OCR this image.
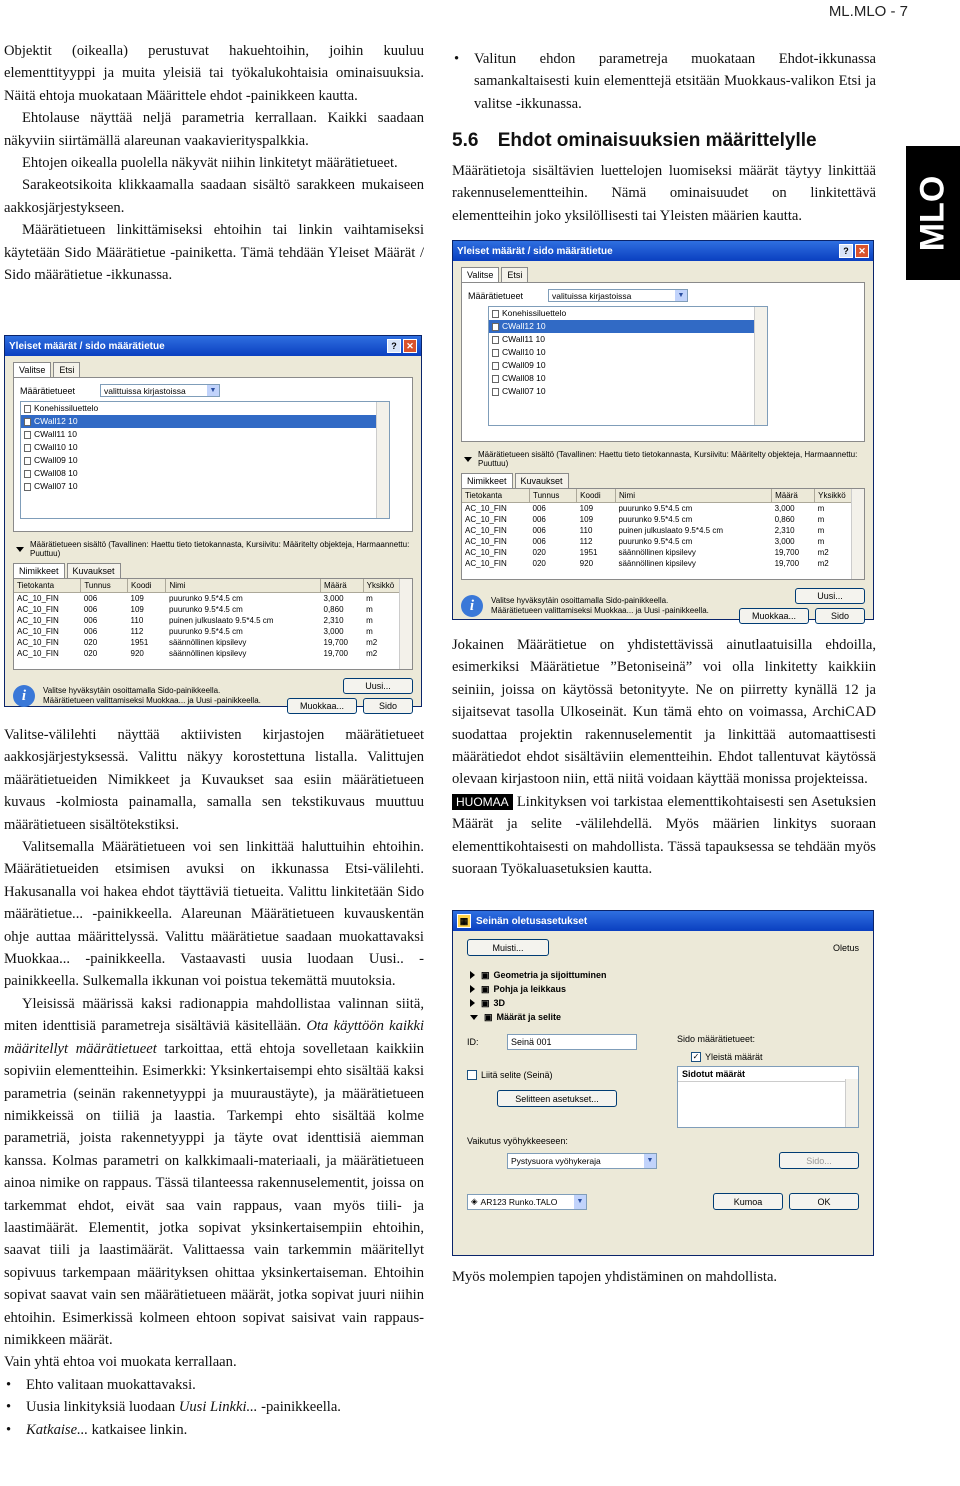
ML.MLO - 7
MLO

Objektit (oikealla) perustuvat hakuehtoihin, joihin kuuluu elementtityyppi ja muita yleisiä tai työkalukohtaisia ominaisuuksia. Näitä ehtoja muokataan Määrittele ehdot -painikkeen kautta.

Ehtolause näyttää neljä parametria kerrallaan. Kaikki saadaan näkyviin siirtämällä alareunan vaakavierityspalkkia.

Ehtojen oikealla puolella näkyvät niihin linkitetyt määrätietueet.

Sarakeotsikoita klikkaamalla saadaan sisältö sarakkeen mukaiseen aakkosjärjestykseen.

Määrätietueen linkittämiseksi ehtoihin tai linkin vaihtamiseksi käytetään Sido Määrätietue -painiketta. Tämä tehdään Yleiset Määrät / Sido määrätietue -ikkunassa.

Yleiset määrät / sido määrätietue	?	✕
Valitse	Etsi
Määrätietueet	valittuissa kirjastoissa	▼
Konehissiluettelo
CWall12 10
CWall11 10
CWall10 10
CWall09 10
CWall08 10
CWall07 10
Määrätietueen sisältö (Tavallinen: Haettu tieto tietokannasta, Kursiivitu: Määritelty objekteja, Harmaannettu: Puuttuu)
Nimikkeet	Kuvaukset
Tietokanta	Tunnus	Koodi	Nimi	Määrä	Yksikkö
AC_10_FIN	006	109	puurunko 9.5*4.5 cm	3,000	m
AC_10_FIN	006	109	puurunko 9.5*4.5 cm	0,860	m
AC_10_FIN	006	110	puinen julkuslaato 9.5*4.5 cm	2,310	m
AC_10_FIN	006	112	puurunko 9.5*4.5 cm	3,000	m
AC_10_FIN	020	1951	säännöllinen kipsilevy	19,700	m2
AC_10_FIN	020	920	säännöllinen kipsilevy	19,700	m2
i	Valitse hyväksytäin osoittamalla Sido-painikkeella. Määrätietueen valittamiseksi Muokkaa... ja Uusi -painikkeella.
Uusi...
Muokkaa...	Sido

Valitse-välilehti näyttää aktiivisten kirjastojen määrätietueet aakkosjärjestyksessä. Valittu näkyy korostettuna listalla. Valittujen määrätietueiden Nimikkeet ja Kuvaukset saa esiin määrätietueen kuvaus -kolmiosta painamalla, samalla sen tekstikuvaus muuttuu määrätietueen sisältötekstiksi.

Valitsemalla Määrätietueen voi sen linkittää haluttuihin ehtoihin. Määrätietueiden etsimisen avuksi on ikkunassa Etsi-välilehti. Hakusanalla voi hakea ehdot täyttäviä tietueita. Valittu linkitetään Sido määrätietue... -painikkeella. Alareunan Määrätietueen kuvauskentän ohje auttaa määrittelyssä. Valittu määrätietue saadaan muokattavaksi Muokkaa... -painikkeella. Vastaavasti uusia luodaan Uusi.. -painikkeella. Sulkemalla ikkunan voi poistua tekemättä muutoksia.

Yleisissä määrissä kaksi radionappia mahdollistaa valinnan siitä, miten identtisiä parametreja sisältäviä käsitellään. Ota käyttöön kaikki määritellyt määrätietueet tarkoittaa, että ehtoja sovelletaan kaikkiin sopiviin elementteihin. Esimerkki: Yksinkertaisempi ehto sisältää kaksi parametria (seinän rakennetyyppi ja muuraustäyte), ja määrätietueen nimikkeissä on tiiliä ja laastia. Tarkempi ehto sisältää kolme parametriä, joista rakennetyyppi ja täyte ovat identtisiä aiemman kanssa. Kolmas parametri on kalkkimaali-materiaali, ja määrätietueen ainoa nimike on rappaus. Tässä tilanteessa rakennuselementit, joissa on tarkemmat ehdot, eivät saa vain rappaus, vaan myös tiili- ja laastimäärät. Elementit, jotka sopivat yksinkertaisempiin ehtoihin, saavat tiili ja laastimäärät. Valittaessa vain tarkemmin määritellyt sopivuus tarkempaan määrityksen ohittaa yksinkertaiseman. Ehtoihin sopivat saavat vain sen määrätietueen määrät, jotka sopivat juuri niihin ehtoihin. Esimerkissä kolmeen ehtoon sopivat saisivat vain rappaus-nimikkeen määrät.

Vain yhtä ehtoa voi muokata kerrallaan.

• Ehto valitaan muokattavaksi.
• Uusia linkityksiä luodaan Uusi Linkki... -painikkeella.
• Katkaise... katkaisee linkin.
• Valitun ehdon parametreja muokataan Ehdot-ikkunassa samankaltaisesti kuin elementtejä etsitään Muokkaus-valikon Etsi ja valitse -ikkunassa.
5.6 Ehdot ominaisuuksien määrittelylle
Määrätietoja sisältävien luettelojen luomiseksi määrät täytyy linkittää rakennuselementteihin. Nämä ominaisuudet on linkitettävä elementteihin joko yksilöllisesti tai Yleisten määrien kautta.
Yleiset määrät / sido määrätietue	?	✕
Valitse	Etsi
Määrätietueet	valituissa kirjastoissa	▼
Konehissiluettelo
CWall12 10
CWall11 10
CWall10 10
CWall09 10
CWall08 10
CWall07 10
Määrätietueen sisältö (Tavallinen: Haettu tieto tietokannasta, Kursiivitu: Määritelty objekteja, Harmaannettu: Puuttuu)
Nimikkeet	Kuvaukset
Tietokanta	Tunnus	Koodi	Nimi	Määrä	Yksikkö
AC_10_FIN	006	109	puurunko 9.5*4.5 cm	3,000	m
AC_10_FIN	006	109	puurunko 9.5*4.5 cm	0,860	m
AC_10_FIN	006	110	puinen julkuslaato 9.5*4.5 cm	2,310	m
AC_10_FIN	006	112	puurunko 9.5*4.5 cm	3,000	m
AC_10_FIN	020	1951	säännöllinen kipsilevy	19,700	m2
AC_10_FIN	020	920	säännöllinen kipsilevy	19,700	m2
i	Valitse hyväksytäin osoittamalla Sido-painikkeella. Määrätietueen valittamiseksi Muokkaa... ja Uusi -painikkeella.
Uusi...
Muokkaa...	Sido

Jokainen Määrätietue on yhdistettävissä ainutlaatuisilla ehdoilla, esimerkiksi Määrätietue ”Betoniseinä” voi olla linkitetty kaikkiin seiniin, joissa on käytössä betonityyte. Ne on piirretty kynällä 12 ja sijaitsevat tasolla Ulkoseinät. Kun tämä ehto on voimassa, ArchiCAD suodattaa projektin rakennuselementit ja linkittää automaattisesti määrätiedot ehdot sisältäviin elementteihin. Ehdot tallentuvat käytössä olevaan kirjastoon niin, että niitä voidaan käyttää monissa projekteissa.

HUOMAA Linkityksen voi tarkistaa elementtikohtaisesti sen Asetuksien Määrät ja selite -välilehdellä. Myös määrien linkitys suoraan elementtikohtaisesti on mahdollista. Tässä tapauksessa se tehdään myös suoraan Työkaluasetuksien kautta.

▦ Seinän oletusasetukset
Muisti...	Oletus
▣ Geometria ja sijoittuminen
▣ Pohja ja leikkaus
▣ 3D
▣ Määrät ja selite
ID:	Seinä 001
Liitä selite (Seinä)
Selitteen asetukset...
Sido määrätietueet:
✓ Yleistä määrät
Sidotut määrät
Vaikutus vyöhykkeeseen:
Pystysuora vyöhykeraja	▼	Sido...
◈ AR123 Runko.TALO	▼	Kumoa	OK
Myös molempien tapojen yhdistäminen on mahdollista.
